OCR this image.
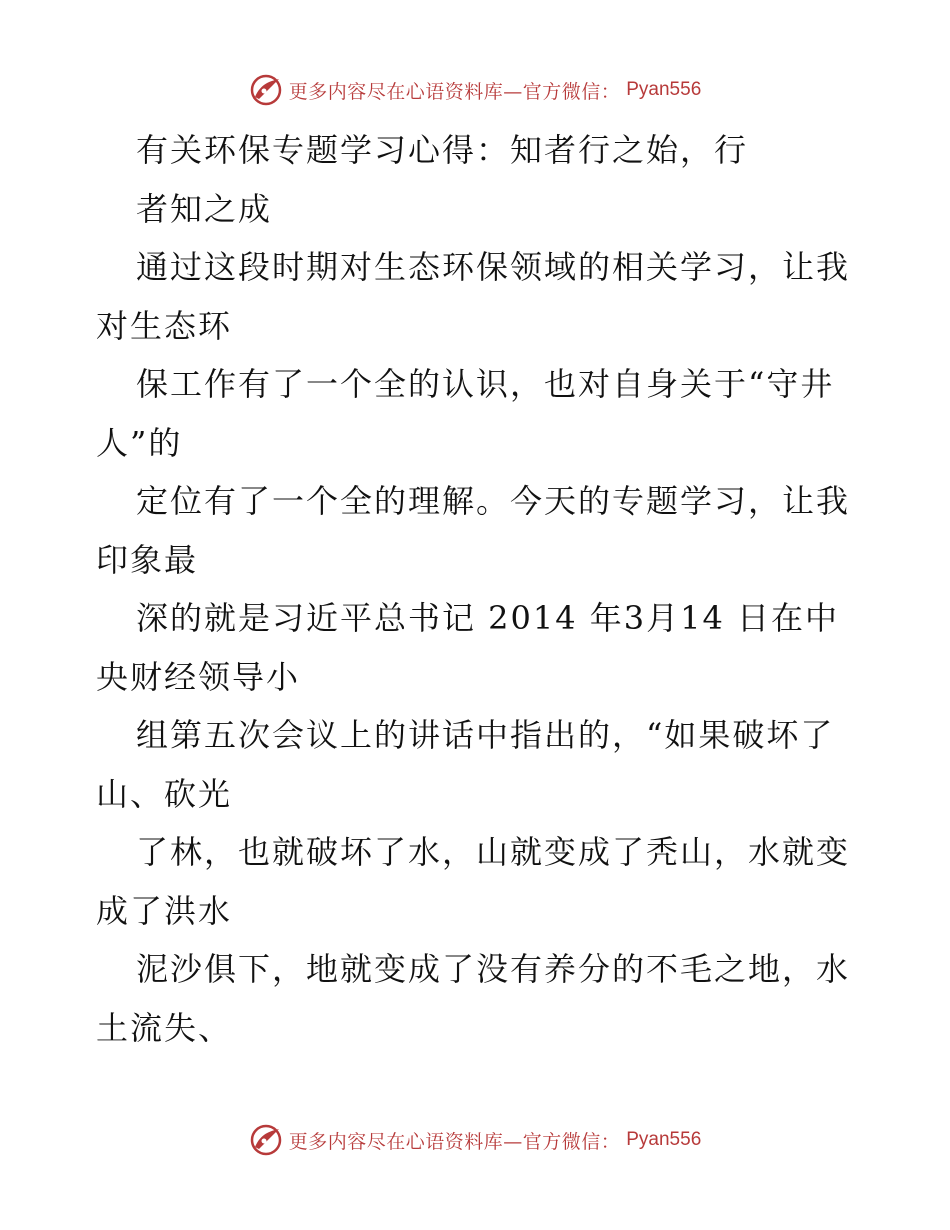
更多内容尽在心语资料库—官方微信： Pyan556
有关环保专题学习心得：知者行之始，行
者知之成
通过这段时期对生态环保领域的相关学习，让我
对生态环
保工作有了一个全的认识，也对自身关于“守井
人”的
定位有了一个全的理解。今天的专题学习，让我
印象最
深的就是习近平总书记 2014 年3月14 日在中
央财经领导小
组第五次会议上的讲话中指出的，“如果破坏了
山、砍光
了林，也就破坏了水，山就变成了秃山，水就变
成了洪水
泥沙俱下，地就变成了没有养分的不毛之地，水
土流失、
更多内容尽在心语资料库—官方微信： Pyan556
